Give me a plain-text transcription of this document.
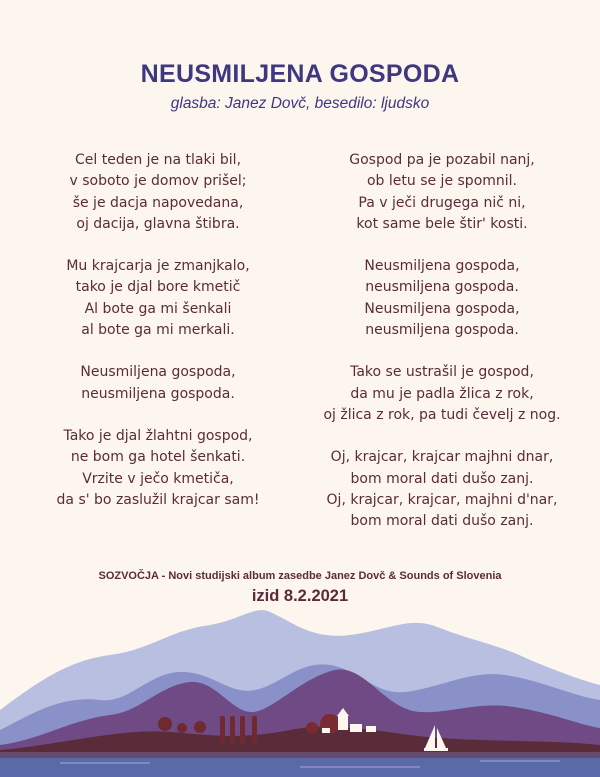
NEUSMILJENA GOSPODA
glasba: Janez Dovč, besedilo: ljudsko
Cel teden je na tlaki bil,
v soboto je domov prišel;
še je dacja napovedana,
oj dacija, glavna štibra.
Mu krajcarja je zmanjkalo,
tako je djal bore kmetič
Al bote ga mi šenkali
al bote ga mi merkali.
Neusmiljena gospoda,
neusmiljena gospoda.
Tako je djal žlahtni gospod,
ne bom ga hotel šenkati.
Vrzite v ječo kmetiča,
da s' bo zaslužil krajcar sam!
Gospod pa je pozabil nanj,
ob letu se je spomnil.
Pa v ječi drugega nič ni,
kot same bele štir' kosti.
Neusmiljena gospoda,
neusmiljena gospoda.
Neusmiljena gospoda,
neusmiljena gospoda.
Tako se ustrašil je gospod,
da mu je padla žlica z rok,
oj žlica z rok, pa tudi čevelj z nog.
Oj, krajcar, krajcar majhni dnar,
bom moral dati dušo zanj.
Oj, krajcar, krajcar, majhni d'nar,
bom moral dati dušo zanj.
SOZVOČJA - Novi studijski album zasedbe Janez Dovč & Sounds of Slovenia
izid 8.2.2021
